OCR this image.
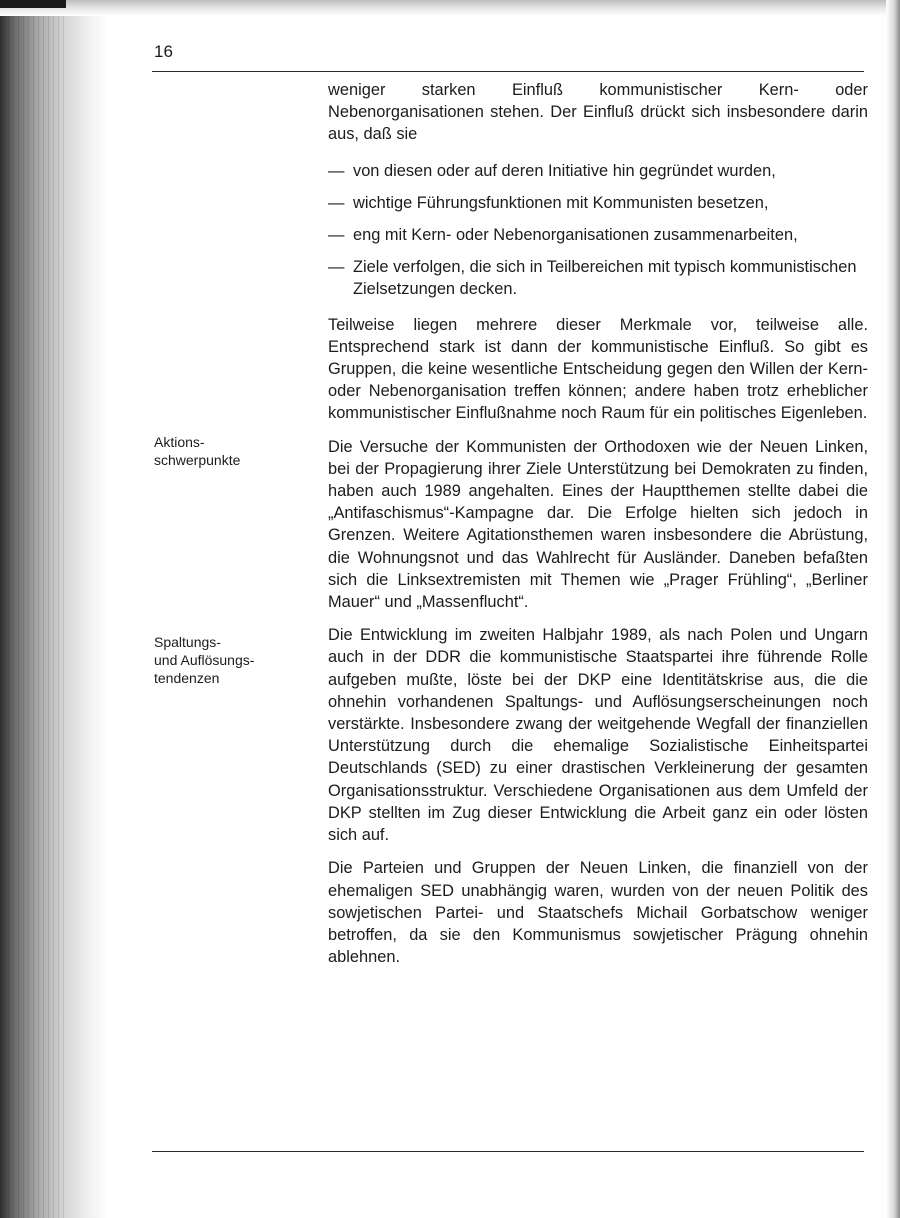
16

Aktions-
schwerpunkte

Spaltungs-
und Auflösungs-
tendenzen

weniger starken Einfluß kommunistischer Kern- oder Nebenorganisationen stehen. Der Einfluß drückt sich insbesondere darin aus, daß sie

— von diesen oder auf deren Initiative hin gegründet wurden,
— wichtige Führungsfunktionen mit Kommunisten besetzen,
— eng mit Kern- oder Nebenorganisationen zusammenarbeiten,
— Ziele verfolgen, die sich in Teilbereichen mit typisch kommunistischen Zielsetzungen decken.

Teilweise liegen mehrere dieser Merkmale vor, teilweise alle. Entsprechend stark ist dann der kommunistische Einfluß. So gibt es Gruppen, die keine wesentliche Entscheidung gegen den Willen der Kern- oder Nebenorganisation treffen können; andere haben trotz erheblicher kommunistischer Einflußnahme noch Raum für ein politisches Eigenleben.

Die Versuche der Kommunisten der Orthodoxen wie der Neuen Linken, bei der Propagierung ihrer Ziele Unterstützung bei Demokraten zu finden, haben auch 1989 angehalten. Eines der Hauptthemen stellte dabei die „Antifaschismus“-Kampagne dar. Die Erfolge hielten sich jedoch in Grenzen. Weitere Agitationsthemen waren insbesondere die Abrüstung, die Wohnungsnot und das Wahlrecht für Ausländer. Daneben befaßten sich die Linksextremisten mit Themen wie „Prager Frühling“, „Berliner Mauer“ und „Massenflucht“.

Die Entwicklung im zweiten Halbjahr 1989, als nach Polen und Ungarn auch in der DDR die kommunistische Staatspartei ihre führende Rolle aufgeben mußte, löste bei der DKP eine Identitätskrise aus, die die ohnehin vorhandenen Spaltungs- und Auflösungserscheinungen noch verstärkte. Insbesondere zwang der weitgehende Wegfall der finanziellen Unterstützung durch die ehemalige Sozialistische Einheitspartei Deutschlands (SED) zu einer drastischen Verkleinerung der gesamten Organisationsstruktur. Verschiedene Organisationen aus dem Umfeld der DKP stellten im Zug dieser Entwicklung die Arbeit ganz ein oder lösten sich auf.

Die Parteien und Gruppen der Neuen Linken, die finanziell von der ehemaligen SED unabhängig waren, wurden von der neuen Politik des sowjetischen Partei- und Staatschefs Michail Gorbatschow weniger betroffen, da sie den Kommunismus sowjetischer Prägung ohnehin ablehnen.
